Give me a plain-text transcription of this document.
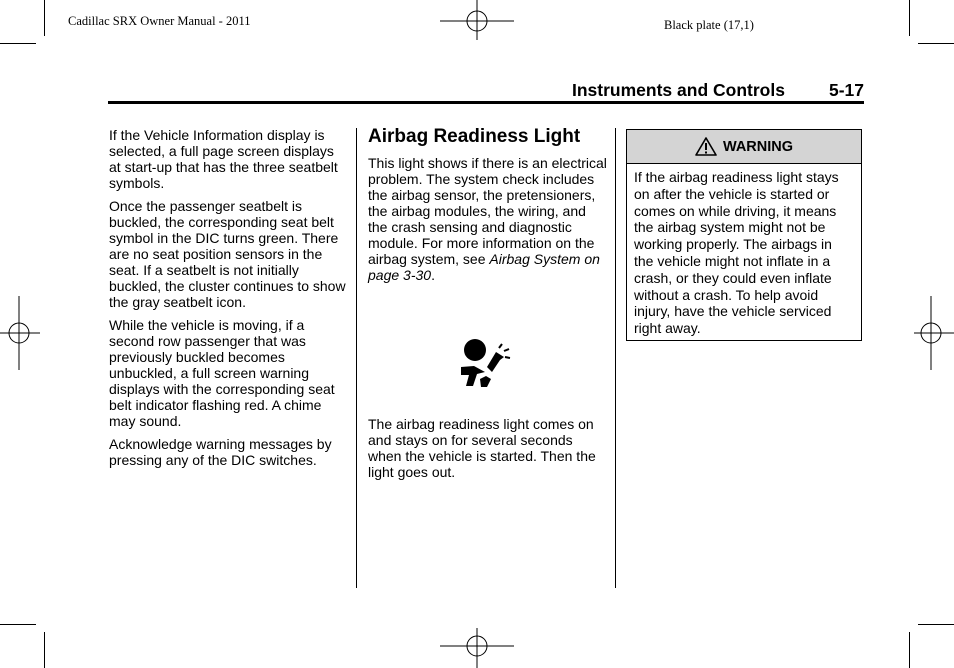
Cadillac SRX Owner Manual - 2011	Black plate (17,1)
Instruments and Controls	5-17

If the Vehicle Information display is selected, a full page screen displays at start-up that has the three seatbelt symbols.

Once the passenger seatbelt is buckled, the corresponding seat belt symbol in the DIC turns green. There are no seat position sensors in the seat. If a seatbelt is not initially buckled, the cluster continues to show the gray seatbelt icon.

While the vehicle is moving, if a second row passenger that was previously buckled becomes unbuckled, a full screen warning displays with the corresponding seat belt indicator flashing red. A chime may sound.

Acknowledge warning messages by pressing any of the DIC switches.

Airbag Readiness Light

This light shows if there is an electrical problem. The system check includes the airbag sensor, the pretensioners, the airbag modules, the wiring, and the crash sensing and diagnostic module. For more information on the airbag system, see Airbag System on page 3-30.

The airbag readiness light comes on and stays on for several seconds when the vehicle is started. Then the light goes out.

WARNING
If the airbag readiness light stays on after the vehicle is started or comes on while driving, it means the airbag system might not be working properly. The airbags in the vehicle might not inflate in a crash, or they could even inflate without a crash. To help avoid injury, have the vehicle serviced right away.
